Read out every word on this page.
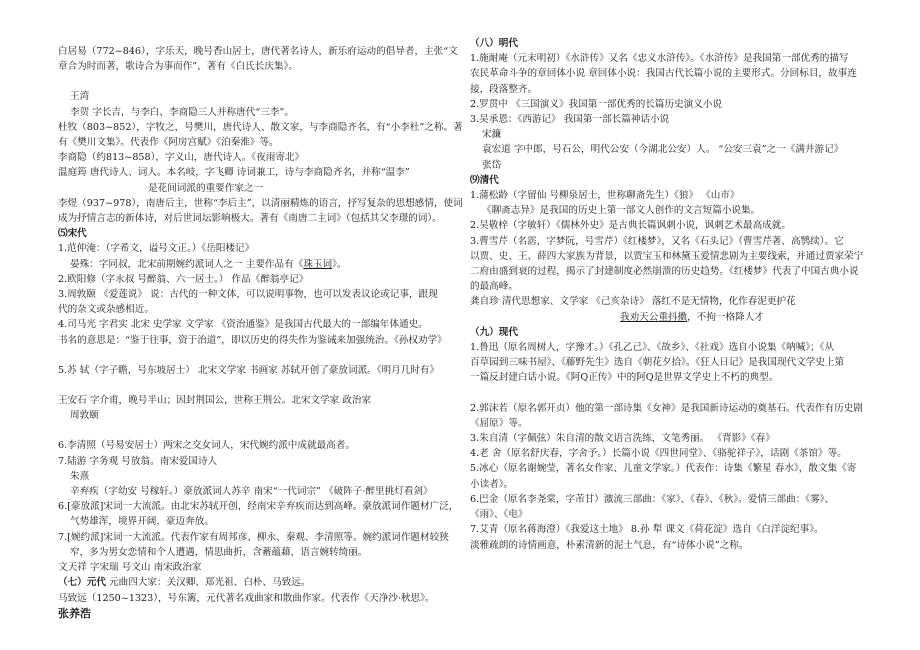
白居易（772~846），字乐天，晚号香山居士，唐代著名诗人，新乐府运动的倡导者，主张“文
章合为时而著，歌诗合为事而作”，著有《白氏长庆集》。
王湾
李贺 字长吉，与李白、李商隐三人并称唐代“三李”。
杜牧（803~852），字牧之，号樊川，唐代诗人、散文家，与李商隐齐名，有“小李杜”之称。著
有《樊川文集》。代表作《阿房宫赋》《泊秦淮》等。
李商隐（约813~858），字义山，唐代诗人。《夜雨寄北》
温庭筠 唐代诗人、词人。本名岐，字飞卿 诗词兼工，诗与李商隐齐名，并称“温李”
是花间词派的重要作家之一
李煜（937~978），南唐后主，世称“李后主”，以清丽精炼的语言，抒写复杂的思想感情，使词
成为抒情言志的新体诗，对后世词坛影响极大。著有《南唐二主词》（包括其父李璟的词）。
⑸宋代
1.范仲淹：（字希文，谥号文正。）《岳阳楼记》
晏殊：字同叔，北宋前期婉约派词人之一 主要作品有《珠玉词》。
2.欧阳修（字永叔 号醉翁、六一居士。） 作品《醉翁亭记》
3.周敦颐 《爱莲说》 说：古代的一种文体，可以说明事物，也可以发表议论或记事，跟现
代的杂文或杂感相近。
4.司马光 字君实 北宋 史学家 文学家 《资治通鉴》是我国古代最大的一部编年体通史。
书名的意思是：“鉴于往事，资于治道”，即以历史的得失作为鉴诫来加强统治。《孙权劝学》
5.苏 轼（字子瞻，号东坡居士） 北宋文学家 书画家 苏轼开创了豪放词派。《明月几时有》
王安石 字介甫，晚号半山；因封荆国公，世称王荆公。北宋文学家 政治家
周敦颐
6.李清照（号易安居士）两宋之交女词人，宋代婉约派中成就最高者。
7.陆游 字务观 号放翁。南宋爱国诗人
朱熹
辛弃疾（字幼安 号稼轩。）豪放派词人苏辛 南宋“一代词宗” 《破阵子·醉里挑灯看剑》
6.[豪放派]宋词一大流派。由北宋苏轼开创，经南宋辛弃疾而达到高峰。豪放派词作题材广泛，
气势雄浑，境界开阔，豪迈奔放。
7.[婉约派]宋词一大流派。代表作家有周邦彦、柳永、秦观、李清照等。婉约派词作题材较狭
窄，多为男女恋情和个人遭遇，情思曲折，含蓄蕴藉，语言婉转绮丽。
文天祥 字宋瑞 号文山 南宋政治家
（七）元代 元曲四大家：关汉卿、郑光祖、白朴、马致远。
马致远（1250~1323），号东篱，元代著名戏曲家和散曲作家。代表作《天净沙·秋思》。
张养浩
（八）明代
1.施耐庵（元末明初）《水浒传》又名《忠义水浒传》。《水浒传》是我国第一部优秀的描写
农民革命斗争的章回体小说 章回体小说：我国古代长篇小说的主要形式。分回标目，故事连
接，段落整齐。
2.罗贯中 《三国演义》我国第一部优秀的长篇历史演义小说
3.吴承恩：《西游记》 我国第一部长篇神话小说
宋濂
袁宏道 字中郎，号石公，明代公安（今湖北公安）人。 “公安三袁”之一《满井游记》
张岱
⑼清代
1.蒲松龄（字留仙 号柳泉居士，世称聊斋先生）《狼》 《山市》
《聊斋志异》是我国的历史上第一部文人创作的文言短篇小说集。
2.吴敬梓（字敏轩）《儒林外史》是古典长篇讽刺小说，讽刺艺术最高成就。
3.曹雪芹（名霑，字梦阮，号雪芹）《红楼梦》，又名《石头记》（曹雪芹著、高鹗续）。它
以贾、史、王、薛四大家族为背景，以贾宝玉和林黛玉爱情悲剧为主要线索，并通过贾家荣宁
二府由盛到衰的过程，揭示了封建制度必然崩溃的历史趋势。《红楼梦》代表了中国古典小说
的最高峰。
龚自珍 清代思想家、文学家 《己亥杂诗》 落红不是无情物，化作春泥更护花
我劝天公重抖擞，不拘一格降人才
（九）现代
1.鲁迅（原名周树人，字豫才。）《孔乙己》、《故乡》、《社戏》选自小说集《呐喊》；《从
百草园到三味书屋》、《藤野先生》选自《朝花夕拾》。《狂人日记》是我国现代文学史上第
一篇反封建白话小说。《阿Q正传》中的阿Q是世界文学史上不朽的典型。
2.郭沫若（原名郭开贞）他的第一部诗集《女神》是我国新诗运动的奠基石。代表作有历史剧
《屈原》等。
3.朱自清（字佩弦）朱自清的散文语言洗练，文笔秀丽。 《背影》《春》
4.老 舍（原名舒庆春，字舍予。）长篇小说《四世同堂》、《骆驼祥子》，话剧《茶馆》等。
5.冰心（原名谢婉莹，著名女作家、儿童文学家。）代表作：诗集《繁星 春水》，散文集《寄
小读者》。
6.巴金（原名李尧棠，字芾甘）激流三部曲：《家》、《春》、《秋》。爱情三部曲：《雾》、
《雨》、《电》
7.艾青（原名蒋海澄）《我爱这土地》 8.孙 犁 课文《荷花淀》选自《白洋淀纪事》。
淡雅疏朗的诗情画意，朴素清新的泥土气息，有“诗体小说”之称。
